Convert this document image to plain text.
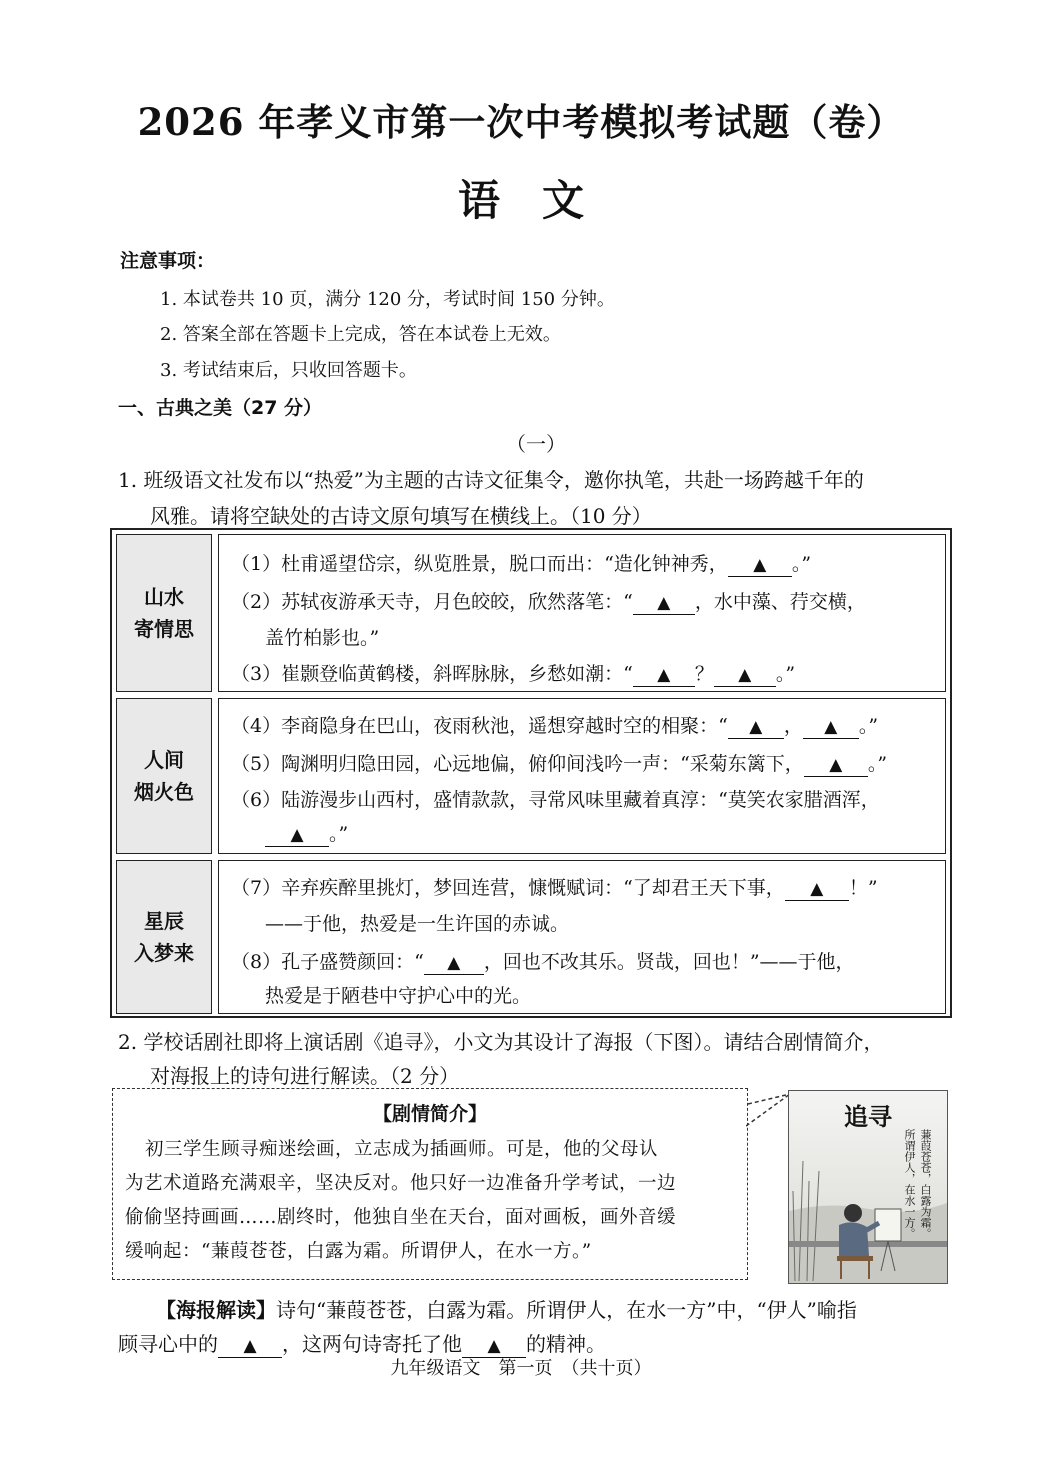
2026 年孝义市第一次中考模拟考试题（卷）
语　文
注意事项：
1. 本试卷共 10 页，满分 120 分，考试时间 150 分钟。
2. 答案全部在答题卡上完成，答在本试卷上无效。
3. 考试结束后，只收回答题卡。
一、古典之美（27 分）
（一）
1. 班级语文社发布以“热爱”为主题的古诗文征集令，邀你执笔，共赴一场跨越千年的
风雅。请将空缺处的古诗文原句填写在横线上。（10 分）
山水
寄情思
（1）杜甫遥望岱宗，纵览胜景，脱口而出：“造化钟神秀， ▲ 。”
（2）苏轼夜游承天寺，月色皎皎，欣然落笔：“ ▲ ，水中藻、荇交横，
盖竹柏影也。”
（3）崔颢登临黄鹤楼，斜晖脉脉，乡愁如潮：“ ▲ ？ ▲ 。”
人间
烟火色
（4）李商隐身在巴山，夜雨秋池，遥想穿越时空的相聚：“ ▲ ， ▲ 。”
（5）陶渊明归隐田园，心远地偏，俯仰间浅吟一声：“采菊东篱下， ▲ 。”
（6）陆游漫步山西村，盛情款款，寻常风味里藏着真淳：“莫笑农家腊酒浑，
▲ 。”
星辰
入梦来
（7）辛弃疾醉里挑灯，梦回连营，慷慨赋词：“了却君王天下事， ▲ ！”
——于他，热爱是一生许国的赤诚。
（8）孔子盛赞颜回：“ ▲ ，回也不改其乐。贤哉，回也！”——于他，
热爱是于陋巷中守护心中的光。
2. 学校话剧社即将上演话剧《追寻》，小文为其设计了海报（下图）。请结合剧情简介，
对海报上的诗句进行解读。（2 分）
【剧情简介】
初三学生顾寻痴迷绘画，立志成为插画师。可是，他的父母认
为艺术道路充满艰辛，坚决反对。他只好一边准备升学考试，一边
偷偷坚持画画……剧终时，他独自坐在天台，面对画板，画外音缓
缓响起：“蒹葭苍苍，白露为霜。所谓伊人，在水一方。”
追寻
蒹葭苍苍，白露为霜。
所谓伊人，在水一方。
【海报解读】诗句“蒹葭苍苍，白露为霜。所谓伊人，在水一方”中，“伊人”喻指
顾寻心中的 ▲ ，这两句诗寄托了他 ▲ 的精神。
九年级语文　第一页　（共十页）
